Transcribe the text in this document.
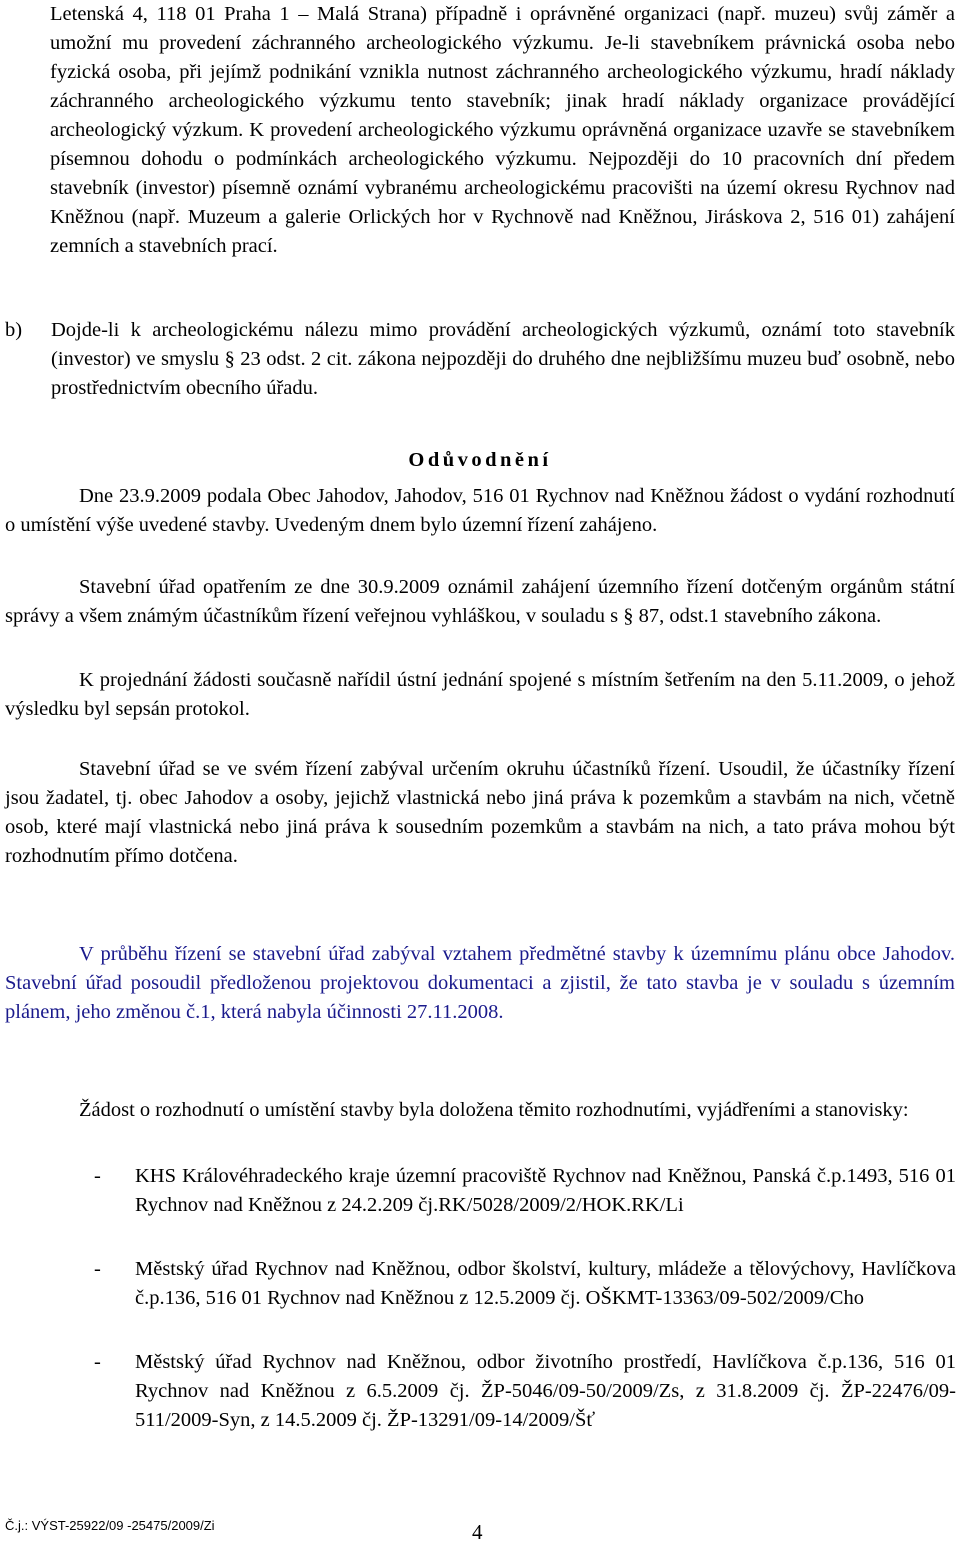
Letenská 4, 118 01 Praha 1 – Malá Strana) případně i oprávněné organizaci (např. muzeu) svůj záměr a umožní mu provedení záchranného archeologického výzkumu. Je-li stavebníkem právnická osoba nebo fyzická osoba, při jejímž podnikání vznikla nutnost záchranného archeologického výzkumu, hradí náklady záchranného archeologického výzkumu tento stavebník; jinak hradí náklady organizace provádějící archeologický výzkum. K provedení archeologického výzkumu oprávněná organizace uzavře se stavebníkem písemnou dohodu o podmínkách archeologického výzkumu. Nejpozději do 10 pracovních dní předem stavebník (investor) písemně oznámí vybranému archeologickému pracovišti na území okresu Rychnov nad Kněžnou (např. Muzeum a galerie Orlických hor v Rychnově nad Kněžnou, Jiráskova 2, 516 01) zahájení zemních a stavebních prací.

b) Dojde-li k archeologickému nálezu mimo provádění archeologických výzkumů, oznámí toto stavebník (investor) ve smyslu § 23 odst. 2 cit. zákona nejpozději do druhého dne nejbližšímu muzeu buď osobně, nebo prostřednictvím obecního úřadu.

Odůvodnění

Dne 23.9.2009 podala Obec Jahodov, Jahodov, 516 01 Rychnov nad Kněžnou žádost o vydání rozhodnutí o umístění výše uvedené stavby. Uvedeným dnem bylo územní řízení zahájeno.

Stavební úřad opatřením ze dne 30.9.2009 oznámil zahájení územního řízení dotčeným orgánům státní správy a všem známým účastníkům řízení veřejnou vyhláškou, v souladu s § 87, odst.1 stavebního zákona.

K projednání žádosti současně nařídil ústní jednání spojené s místním šetřením na den 5.11.2009, o jehož výsledku byl sepsán protokol.

Stavební úřad se ve svém řízení zabýval určením okruhu účastníků řízení. Usoudil, že účastníky řízení jsou žadatel, tj. obec Jahodov a osoby, jejichž vlastnická nebo jiná práva k pozemkům a stavbám na nich, včetně osob, které mají vlastnická nebo jiná práva k sousedním pozemkům a stavbám na nich, a tato práva mohou být rozhodnutím přímo dotčena.

V průběhu řízení se stavební úřad zabýval vztahem předmětné stavby k územnímu plánu obce Jahodov. Stavební úřad posoudil předloženou projektovou dokumentaci a zjistil, že tato stavba je v souladu s územním plánem, jeho změnou č.1, která nabyla účinnosti 27.11.2008.

Žádost o rozhodnutí o umístění stavby byla doložena těmito rozhodnutími, vyjádřeními a stanovisky:

- KHS Královéhradeckého kraje územní pracoviště Rychnov nad Kněžnou, Panská č.p.1493, 516 01 Rychnov nad Kněžnou z 24.2.209 čj.RK/5028/2009/2/HOK.RK/Li

- Městský úřad Rychnov nad Kněžnou, odbor školství, kultury, mládeže a tělovýchovy, Havlíčkova č.p.136, 516 01 Rychnov nad Kněžnou z 12.5.2009 čj. OŠKMT-13363/09-502/2009/Cho

- Městský úřad Rychnov nad Kněžnou, odbor životního prostředí, Havlíčkova č.p.136, 516 01 Rychnov nad Kněžnou z 6.5.2009 čj. ŽP-5046/09-50/2009/Zs, z 31.8.2009 čj. ŽP-22476/09-511/2009-Syn, z 14.5.2009 čj. ŽP-13291/09-14/2009/Šť

Č.j.: VÝST-25922/09 -25475/2009/Zi	4
